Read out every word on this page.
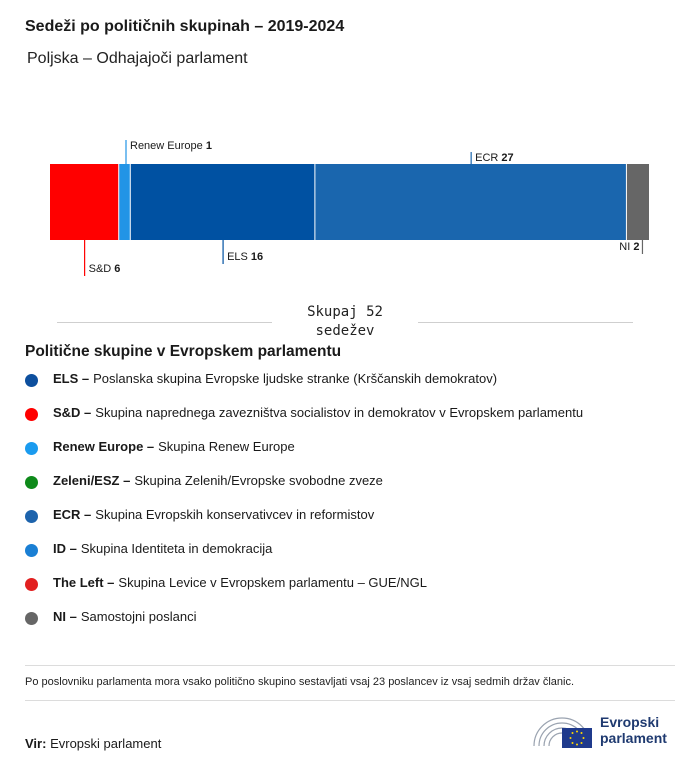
Sedeži po političnih skupinah – 2019-2024
Poljska – Odhajajoči parlament
S&D 6
Renew Europe 1
ELS 16
ECR 27
NI 2
Skupaj 52
sedežev
Politične skupine v Evropskem parlamentu
ELS – Poslanska skupina Evropske ljudske stranke (Krščanskih demokratov)
S&D – Skupina naprednega zavezništva socialistov in demokratov v Evropskem parlamentu
Renew Europe – Skupina Renew Europe
Zeleni/ESZ – Skupina Zelenih/Evropske svobodne zveze
ECR – Skupina Evropskih konservativcev in reformistov
ID – Skupina Identiteta in demokracija
The Left – Skupina Levice v Evropskem parlamentu – GUE/NGL
NI – Samostojni poslanci
Po poslovniku parlamenta mora vsako politično skupino sestavljati vsaj 23 poslancev iz vsaj sedmih držav članic.
Vir: Evropski parlament
Evropski
parlament
